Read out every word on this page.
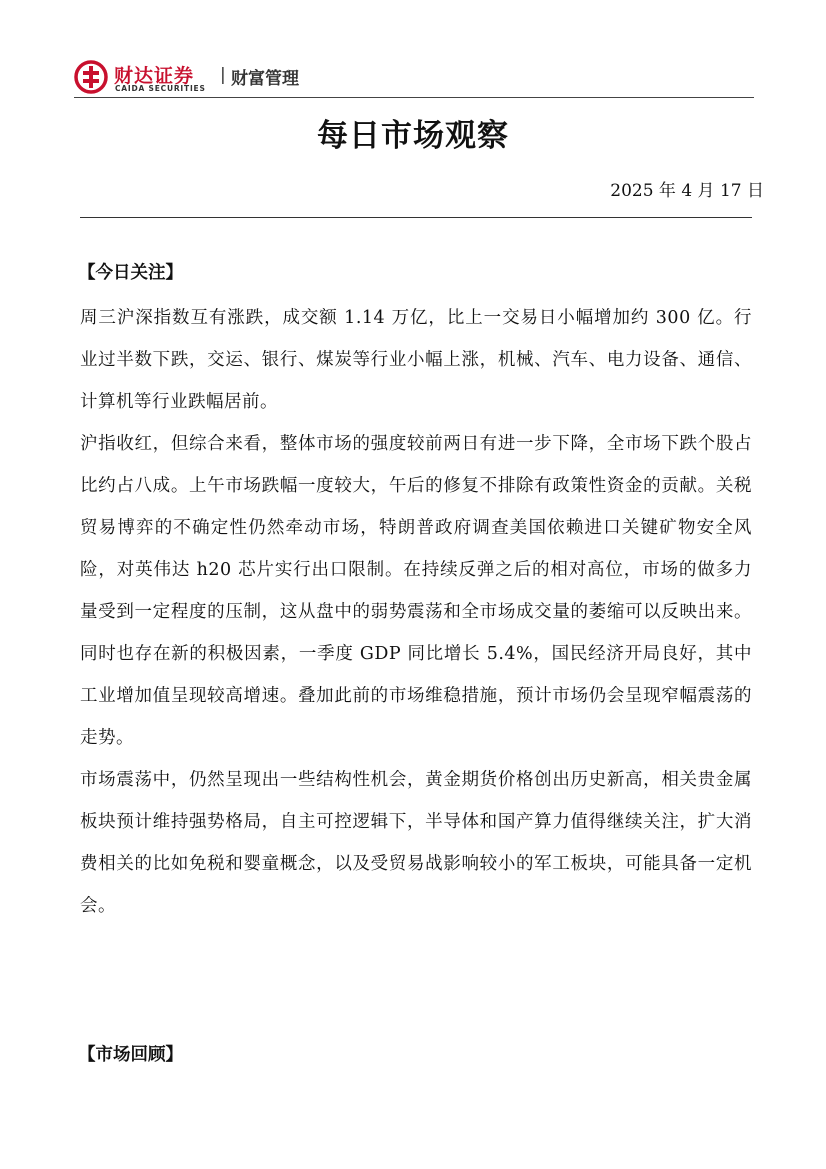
财达证券
CAIDA SECURITIES
| 财富管理
每日市场观察
2025 年 4 月 17 日
【今日关注】

周三沪深指数互有涨跌，成交额 1.14 万亿，比上一交易日小幅增加约 300 亿。行业过半数下跌，交运、银行、煤炭等行业小幅上涨，机械、汽车、电力设备、通信、计算机等行业跌幅居前。

沪指收红，但综合来看，整体市场的强度较前两日有进一步下降，全市场下跌个股占比约占八成。上午市场跌幅一度较大，午后的修复不排除有政策性资金的贡献。关税贸易博弈的不确定性仍然牵动市场，特朗普政府调查美国依赖进口关键矿物安全风险，对英伟达 h20 芯片实行出口限制。在持续反弹之后的相对高位，市场的做多力量受到一定程度的压制，这从盘中的弱势震荡和全市场成交量的萎缩可以反映出来。同时也存在新的积极因素，一季度 GDP 同比增长 5.4%，国民经济开局良好，其中工业增加值呈现较高增速。叠加此前的市场维稳措施，预计市场仍会呈现窄幅震荡的走势。

市场震荡中，仍然呈现出一些结构性机会，黄金期货价格创出历史新高，相关贵金属板块预计维持强势格局，自主可控逻辑下，半导体和国产算力值得继续关注，扩大消费相关的比如免税和婴童概念，以及受贸易战影响较小的军工板块，可能具备一定机会。

【市场回顾】
